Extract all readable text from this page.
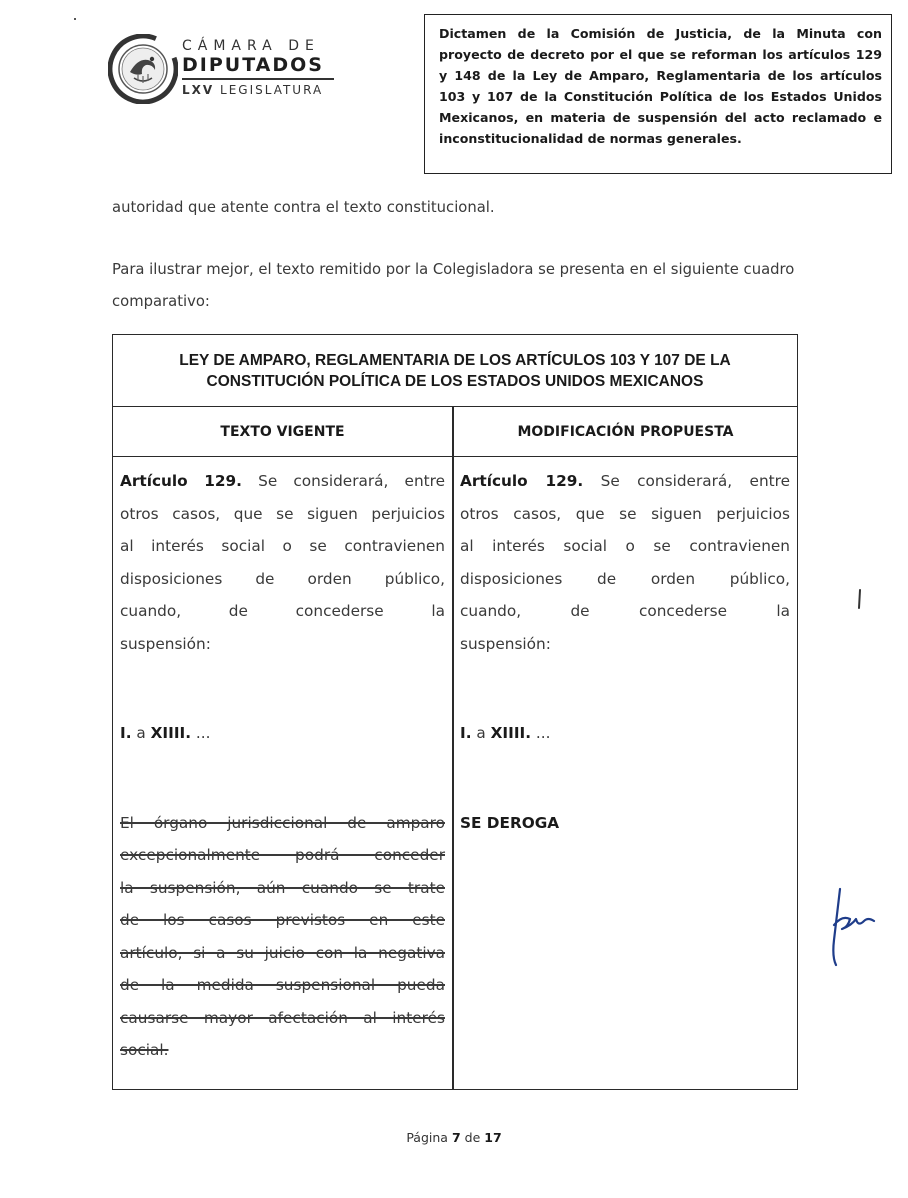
CÁMARA DE
DIPUTADOS
LXV LEGISLATURA
Dictamen de la Comisión de Justicia, de la Minuta con proyecto de decreto por el que se reforman los artículos 129 y 148 de la Ley de Amparo, Reglamentaria de los artículos 103 y 107 de la Constitución Política de los Estados Unidos Mexicanos, en materia de suspensión del acto reclamado e inconstitucionalidad de normas generales.
autoridad que atente contra el texto constitucional.
Para ilustrar mejor, el texto remitido por la Colegisladora se presenta en el siguiente cuadro comparativo:
LEY DE AMPARO, REGLAMENTARIA DE LOS ARTÍCULOS 103 Y 107 DE LA CONSTITUCIÓN POLÍTICA DE LOS ESTADOS UNIDOS MEXICANOS
TEXTO VIGENTE	MODIFICACIÓN PROPUESTA
Artículo 129. Se considerará, entre
otros casos, que se siguen perjuicios
al interés social o se contravienen
disposiciones de orden público,
cuando, de concederse la
suspensión:
I. a XIIII. ...
El órgano jurisdiccional de amparo
excepcionalmente podrá conceder
la suspensión, aún cuando se trate
de los casos previstos en este
artículo, si a su juicio con la negativa
de la medida suspensional pueda
causarse mayor afectación al interés
social.
Artículo 129. Se considerará, entre
otros casos, que se siguen perjuicios
al interés social o se contravienen
disposiciones de orden público,
cuando, de concederse la
suspensión:
I. a XIIII. ...
SE DEROGA
Página 7 de 17
